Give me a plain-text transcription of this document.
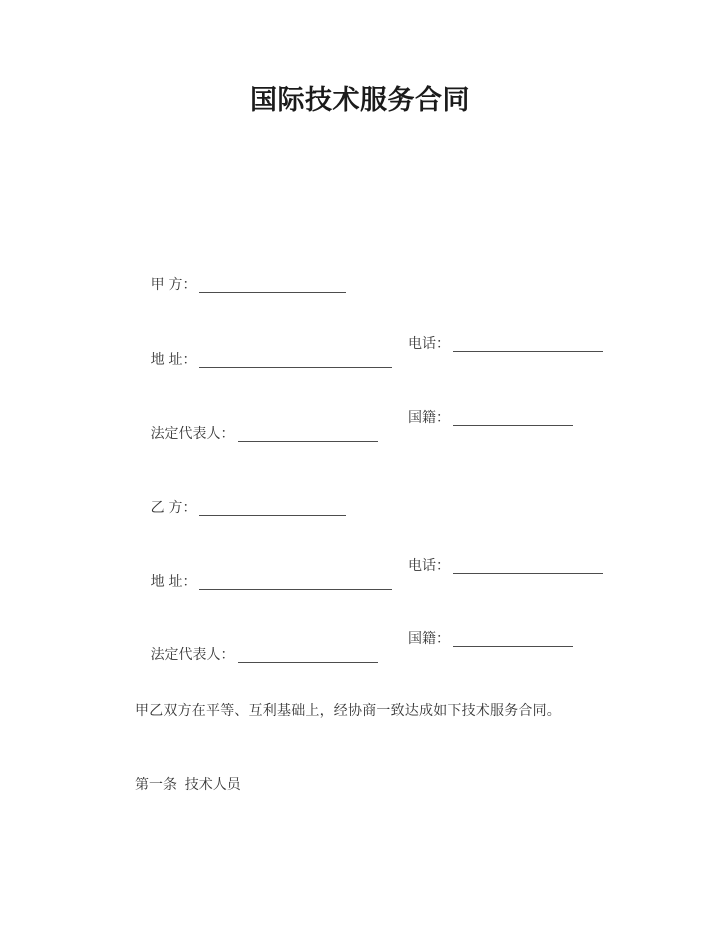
国际技术服务合同

甲 方：

地 址：

电话：

法定代表人：

国籍：

乙 方：

地 址：

电话：

法定代表人：

国籍：

甲乙双方在平等、互利基础上，经协商一致达成如下技术服务合同。
第一条  技术人员
